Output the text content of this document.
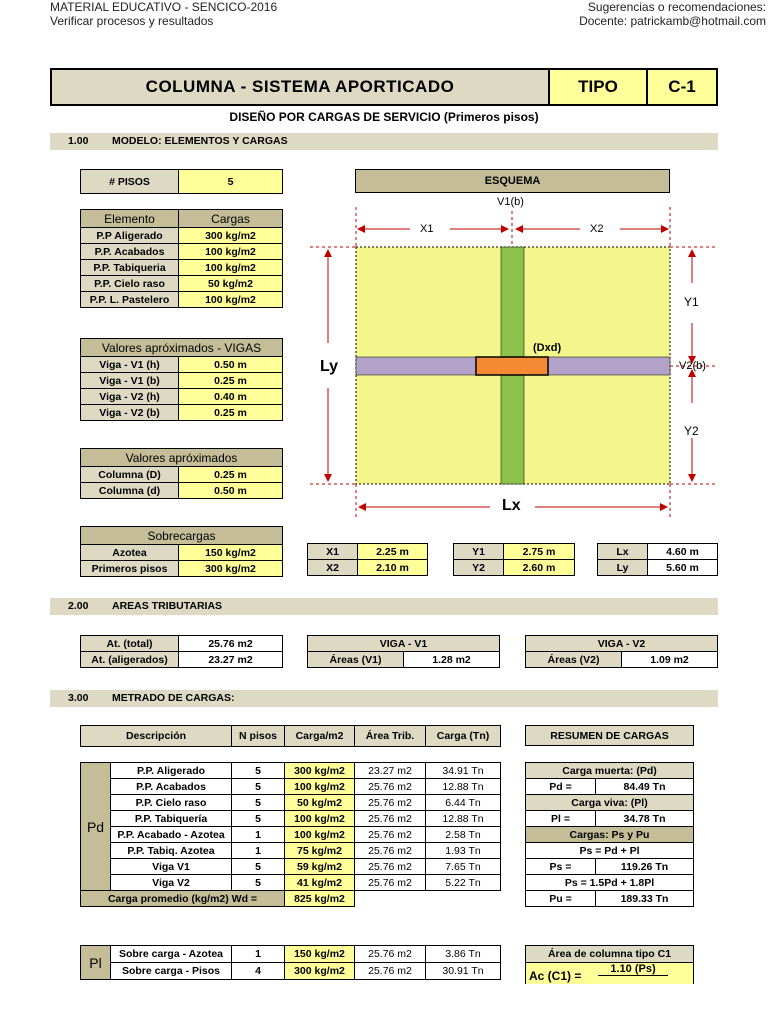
MATERIAL EDUCATIVO - SENCICO-2016
Verificar procesos y resultados
Sugerencias o recomendaciones:
Docente: patrickamb@hotmail.com
COLUMNA - SISTEMA APORTICADO	TIPO	C-1
DISEÑO POR CARGAS DE SERVICIO (Primeros pisos)
1.00 MODELO: ELEMENTOS Y CARGAS
# PISOS	5
Elemento	Cargas
P.P Aligerado	300 kg/m2
P.P. Acabados	100 kg/m2
P.P. Tabiqueria	100 kg/m2
P.P. Cielo raso	50 kg/m2
P.P. L. Pastelero	100 kg/m2
Valores apróximados - VIGAS	
Viga - V1 (h)	0.50 m
Viga - V1 (b)	0.25 m
Viga - V2 (h)	0.40 m
Viga - V2 (b)	0.25 m
Valores apróximados	
Columna (D)	0.25 m
Columna (d)	0.50 m
Sobrecargas	
Azotea	150 kg/m2
Primeros pisos	300 kg/m2
X1	2.25 m
X2	2.10 m
Y1	2.75 m
Y2	2.60 m
Lx	4.60 m
Ly	5.60 m
ESQUEMA
V1(b)
X1	X2
Y1
Y2
V2(b)
(Dxd)
Ly
Lx
2.00 AREAS TRIBUTARIAS
At. (total)	25.76 m2
At. (aligerados)	23.27 m2
VIGA - V1
Áreas (V1)	1.28 m2
VIGA - V2
Áreas (V2)	1.09 m2
3.00 METRADO DE CARGAS:
Descripción	N pisos	Carga/m2	Área Trib.	Carga (Tn)
Pd	P.P. Aligerado	5	300 kg/m2	23.27 m2	34.91 Tn
	P.P. Acabados	5	100 kg/m2	25.76 m2	12.88 Tn
	P.P. Cielo raso	5	50 kg/m2	25.76 m2	6.44 Tn
	P.P. Tabiquería	5	100 kg/m2	25.76 m2	12.88 Tn
	P.P. Acabado - Azotea	1	100 kg/m2	25.76 m2	2.58 Tn
	P.P. Tabiq. Azotea	1	75 kg/m2	25.76 m2	1.93 Tn
	Viga V1	5	59 kg/m2	25.76 m2	7.65 Tn
	Viga V2	5	41 kg/m2	25.76 m2	5.22 Tn
Carga promedio (kg/m2) Wd =			825 kg/m2		
Pl	Sobre carga - Azotea	1	150 kg/m2	25.76 m2	3.86 Tn
	Sobre carga - Pisos	4	300 kg/m2	25.76 m2	30.91 Tn
RESUMEN DE CARGAS
Carga muerta: (Pd)	
Pd =	84.49 Tn
Carga viva: (Pl)	
Pl =	34.78 Tn
Cargas: Ps y Pu	
Ps = Pd + Pl	
Ps =	119.26 Tn
Ps = 1.5Pd + 1.8Pl	
Pu =	189.33 Tn
Área de columna tipo C1
Ac (C1) =	1.10 (Ps)
